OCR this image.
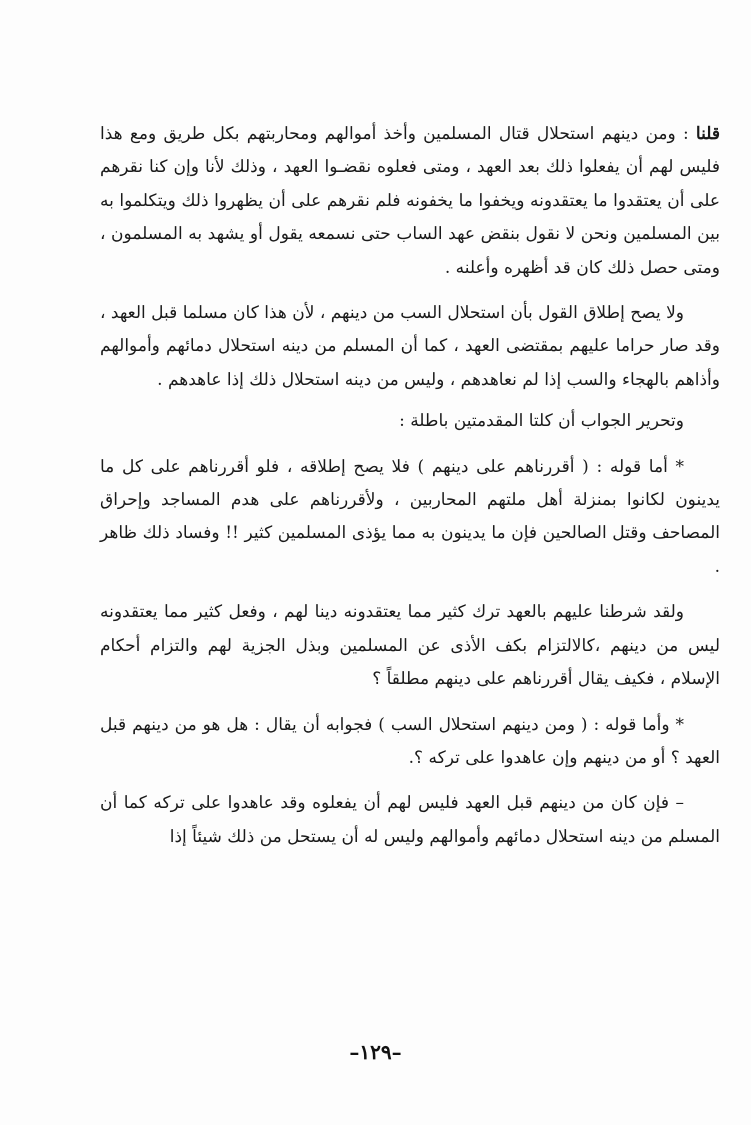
قلنا : ومن دينهم استحلال قتال المسلمين وأخذ أموالهم ومحاربتهم بكل طريق ومع هذا فليس لهم أن يفعلوا ذلك بعد العهد ، ومتى فعلوه نقضـوا العهد ، وذلك لأنا وإن كنا نقرهم على أن يعتقدوا ما يعتقدونه ويخفوا ما يخفونه فلم نقرهم على أن يظهروا ذلك ويتكلموا به بين المسلمين ونحن لا نقول بنقض عهد الساب حتى نسمعه يقول أو يشهد به المسلمون ، ومتى حصل ذلك كان قد أظهره وأعلنه .

ولا يصح إطلاق القول بأن استحلال السب من دينهم ، لأن هذا كان مسلما قبل العهد ، وقد صار حراما عليهم بمقتضى العهد ، كما أن المسلم من دينه استحلال دمائهم وأموالهم وأذاهم بالهجاء والسب إذا لم نعاهدهم ، وليس من دينه استحلال ذلك إذا عاهدهم .

وتحرير الجواب أن كلتا المقدمتين باطلة :

* أما قوله : ( أقررناهم على دينهم ) فلا يصح إطلاقه ، فلو أقررناهم على كل ما يدينون لكانوا بمنزلة أهل ملتهم المحاربين ، ولأقررناهم على هدم المساجد وإحراق المصاحف وقتل الصالحين فإن ما يدينون به مما يؤذى المسلمين كثير !! وفساد ذلك ظاهر .

ولقد شرطنا عليهم بالعهد ترك كثير مما يعتقدونه دينا لهم ، وفعل كثير مما يعتقدونه ليس من دينهم ،كالالتزام بكف الأذى عن المسلمين وبذل الجزية لهم والتزام أحكام الإسلام ، فكيف يقال أقررناهم على دينهم مطلقاً ؟

* وأما قوله : ( ومن دينهم استحلال السب ) فجوابه أن يقال : هل هو من دينهم قبل العهد ؟ أو من دينهم وإن عاهدوا على تركه ؟.

– فإن كان من دينهم قبل العهد فليس لهم أن يفعلوه وقد عاهدوا على تركه كما أن المسلم من دينه استحلال دمائهم وأموالهم وليس له أن يستحل من ذلك شيئاً إذا

–١٢٩–
